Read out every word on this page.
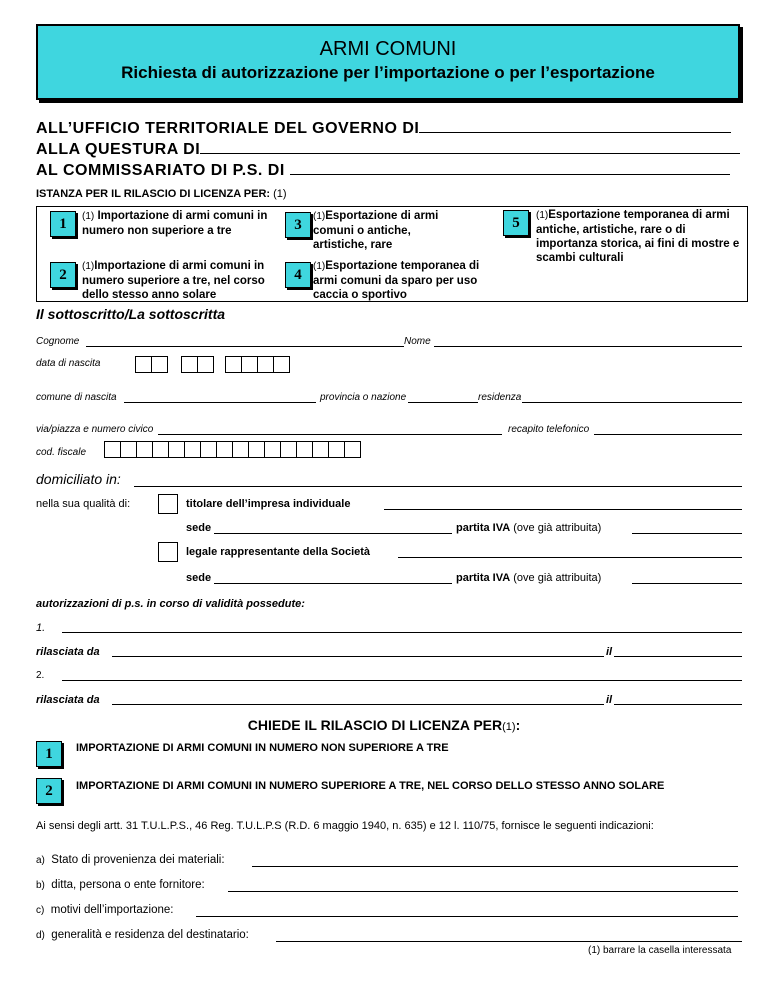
ARMI COMUNI
Richiesta di autorizzazione per l’importazione o per l’esportazione
ALL’UFFICIO TERRITORIALE DEL GOVERNO DI
ALLA QUESTURA DI
AL COMMISSARIATO DI P.S. DI
ISTANZA PER IL RILASCIO DI LICENZA PER: (1)
1	(1) Importazione di armi comuni in numero non superiore a tre
2
(1)Importazione di armi comuni in numero superiore a tre, nel corso dello stesso anno solare
3
(1)Esportazione di armi comuni o antiche, artistiche, rare
4
(1)Esportazione temporanea di armi comuni da sparo per uso caccia o sportivo
5	(1)Esportazione temporanea di armi antiche, artistiche, rare o di importanza storica, ai fini di mostre e scambi culturali
Il sottoscritto/La sottoscritta
Cognome	Nome
data di nascita
comune di nascita	provincia o nazione	residenza
via/piazza e numero civico	recapito telefonico
cod. fiscale
domiciliato in:
nella sua qualità di:	titolare dell’impresa individuale
sede	partita IVA (ove già attribuita)
legale rappresentante della Società
sede	partita IVA (ove già attribuita)
autorizzazioni di p.s. in corso di validità possedute:
1.
rilasciata da	il
2.
rilasciata da	il
CHIEDE IL RILASCIO DI LICENZA PER(1):
1	IMPORTAZIONE DI ARMI COMUNI IN NUMERO NON SUPERIORE A TRE
2	IMPORTAZIONE DI ARMI COMUNI IN NUMERO SUPERIORE A TRE, NEL CORSO DELLO STESSO ANNO SOLARE
Ai sensi degli artt. 31 T.U.L.P.S., 46 Reg. T.U.L.P.S (R.D. 6 maggio 1940, n. 635) e 12 l. 110/75, fornisce le seguenti indicazioni:
a) Stato di provenienza dei materiali:
b) ditta, persona o ente fornitore:
c) motivi dell’importazione:
d) generalità e residenza del destinatario:
(1) barrare la casella interessata
